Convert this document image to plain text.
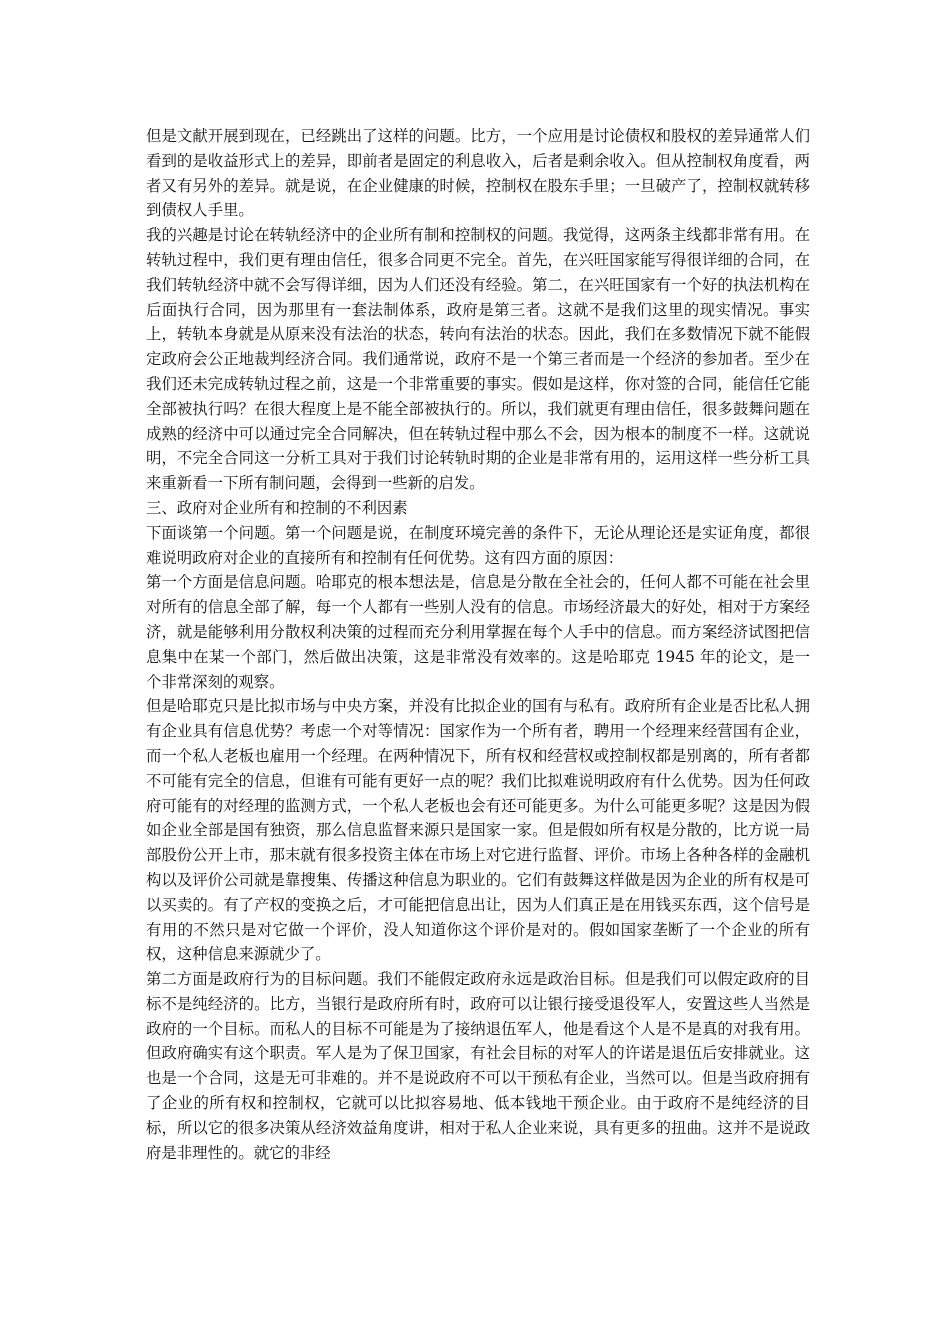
但是文献开展到现在，已经跳出了这样的问题。比方，一个应用是讨论债权和股权的差异通常人们看到的是收益形式上的差异，即前者是固定的利息收入，后者是剩余收入。但从控制权角度看，两者又有另外的差异。就是说，在企业健康的时候，控制权在股东手里；一旦破产了，控制权就转移到债权人手里。

我的兴趣是讨论在转轨经济中的企业所有制和控制权的问题。我觉得，这两条主线都非常有用。在转轨过程中，我们更有理由信任，很多合同更不完全。首先，在兴旺国家能写得很详细的合同，在我们转轨经济中就不会写得详细，因为人们还没有经验。第二，在兴旺国家有一个好的执法机构在后面执行合同，因为那里有一套法制体系，政府是第三者。这就不是我们这里的现实情况。事实上，转轨本身就是从原来没有法治的状态，转向有法治的状态。因此，我们在多数情况下就不能假定政府会公正地裁判经济合同。我们通常说，政府不是一个第三者而是一个经济的参加者。至少在我们还未完成转轨过程之前，这是一个非常重要的事实。假如是这样，你对签的合同，能信任它能全部被执行吗？在很大程度上是不能全部被执行的。所以，我们就更有理由信任，很多鼓舞问题在成熟的经济中可以通过完全合同解决，但在转轨过程中那么不会，因为根本的制度不一样。这就说明，不完全合同这一分析工具对于我们讨论转轨时期的企业是非常有用的，运用这样一些分析工具来重新看一下所有制问题，会得到一些新的启发。

三、政府对企业所有和控制的不利因素

下面谈第一个问题。第一个问题是说，在制度环境完善的条件下，无论从理论还是实证角度，都很难说明政府对企业的直接所有和控制有任何优势。这有四方面的原因：

第一个方面是信息问题。哈耶克的根本想法是，信息是分散在全社会的，任何人都不可能在社会里对所有的信息全部了解，每一个人都有一些别人没有的信息。市场经济最大的好处，相对于方案经济，就是能够利用分散权利决策的过程而充分利用掌握在每个人手中的信息。而方案经济试图把信息集中在某一个部门，然后做出决策，这是非常没有效率的。这是哈耶克 1945 年的论文，是一个非常深刻的观察。

但是哈耶克只是比拟市场与中央方案，并没有比拟企业的国有与私有。政府所有企业是否比私人拥有企业具有信息优势？考虑一个对等情况：国家作为一个所有者，聘用一个经理来经营国有企业，而一个私人老板也雇用一个经理。在两种情况下，所有权和经营权或控制权都是别离的，所有者都不可能有完全的信息，但谁有可能有更好一点的呢？我们比拟难说明政府有什么优势。因为任何政府可能有的对经理的监测方式，一个私人老板也会有还可能更多。为什么可能更多呢？这是因为假如企业全部是国有独资，那么信息监督来源只是国家一家。但是假如所有权是分散的，比方说一局部股份公开上市，那末就有很多投资主体在市场上对它进行监督、评价。市场上各种各样的金融机构以及评价公司就是靠搜集、传播这种信息为职业的。它们有鼓舞这样做是因为企业的所有权是可以买卖的。有了产权的变换之后，才可能把信息出让，因为人们真正是在用钱买东西，这个信号是有用的不然只是对它做一个评价，没人知道你这个评价是对的。假如国家垄断了一个企业的所有权，这种信息来源就少了。

第二方面是政府行为的目标问题。我们不能假定政府永远是政治目标。但是我们可以假定政府的目标不是纯经济的。比方，当银行是政府所有时，政府可以让银行接受退役军人，安置这些人当然是政府的一个目标。而私人的目标不可能是为了接纳退伍军人，他是看这个人是不是真的对我有用。但政府确实有这个职责。军人是为了保卫国家，有社会目标的对军人的许诺是退伍后安排就业。这也是一个合同，这是无可非难的。并不是说政府不可以干预私有企业，当然可以。但是当政府拥有了企业的所有权和控制权，它就可以比拟容易地、低本钱地干预企业。由于政府不是纯经济的目标，所以它的很多决策从经济效益角度讲，相对于私人企业来说，具有更多的扭曲。这并不是说政府是非理性的。就它的非经
